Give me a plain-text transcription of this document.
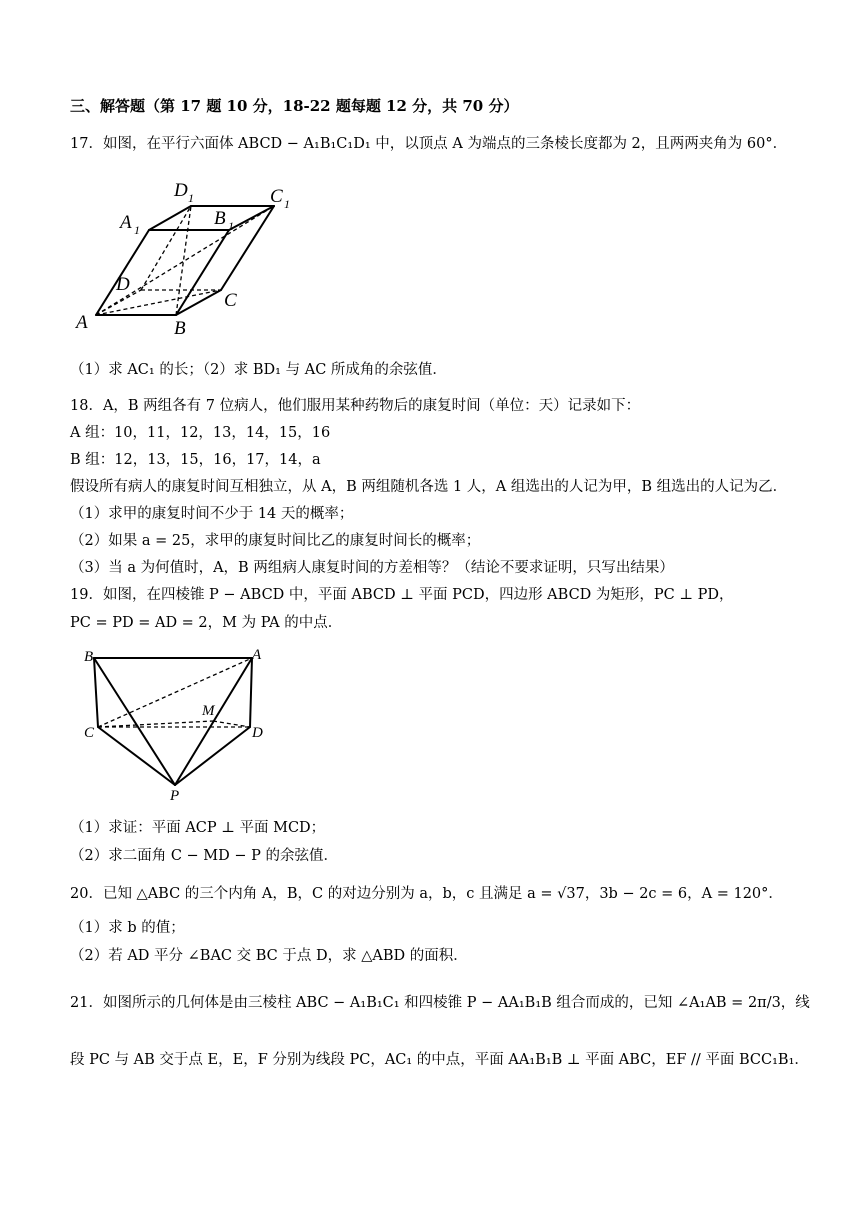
三、解答题（第 17 题 10 分，18-22 题每题 12 分，共 70 分）
17．如图，在平行六面体 ABCD − A₁B₁C₁D₁ 中，以顶点 A 为端点的三条棱长度都为 2，且两两夹角为 60°．
A	B
C
D
A 1
B 1
C 1
D 1
（1）求 AC₁ 的长；（2）求 BD₁ 与 AC 所成角的余弦值．
18．A，B 两组各有 7 位病人，他们服用某种药物后的康复时间（单位：天）记录如下：
A 组：10，11，12，13，14，15，16
B 组：12，13，15，16，17，14，a
假设所有病人的康复时间互相独立，从 A，B 两组随机各选 1 人，A 组选出的人记为甲，B 组选出的人记为乙．
（1）求甲的康复时间不少于 14 天的概率；
（2）如果 a = 25，求甲的康复时间比乙的康复时间长的概率；
（3）当 a 为何值时，A，B 两组病人康复时间的方差相等？（结论不要求证明，只写出结果）
19．如图，在四棱锥 P − ABCD 中，平面 ABCD ⊥ 平面 PCD，四边形 ABCD 为矩形，PC ⊥ PD，
PC = PD = AD = 2，M 为 PA 的中点．
B	A
C	D
M
P
（1）求证：平面 ACP ⊥ 平面 MCD；
（2）求二面角 C − MD − P 的余弦值．
20．已知 △ABC 的三个内角 A，B，C 的对边分别为 a，b，c 且满足 a = √37，3b − 2c = 6，A = 120°．
（1）求 b 的值；
（2）若 AD 平分 ∠BAC 交 BC 于点 D，求 △ABD 的面积．
21．如图所示的几何体是由三棱柱 ABC − A₁B₁C₁ 和四棱锥 P − AA₁B₁B 组合而成的，已知 ∠A₁AB = 2π/3，线
段 PC 与 AB 交于点 E，E，F 分别为线段 PC，AC₁ 的中点，平面 AA₁B₁B ⊥ 平面 ABC，EF // 平面 BCC₁B₁．
